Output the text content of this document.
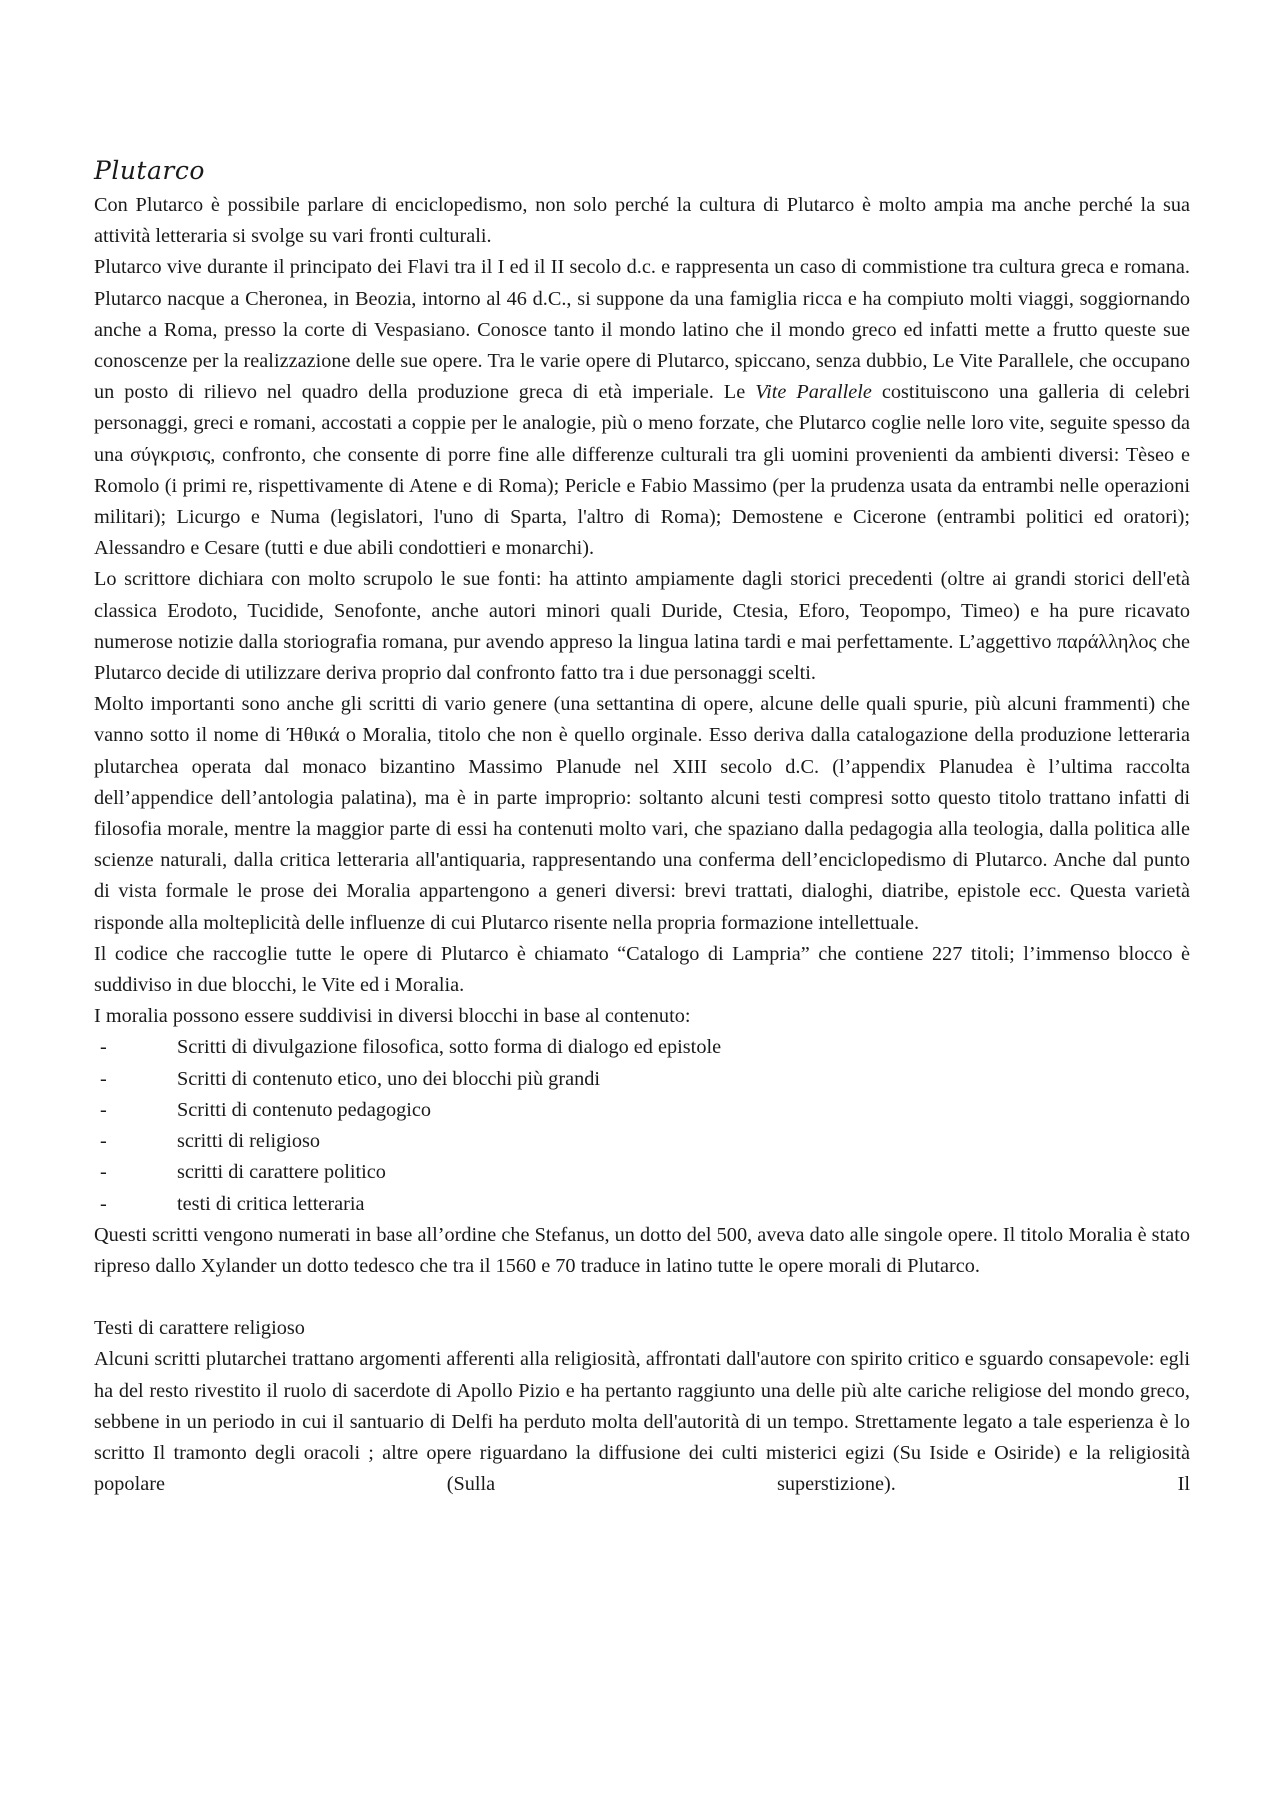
Plutarco

Con Plutarco è possibile parlare di enciclopedismo, non solo perché la cultura di Plutarco è molto ampia ma anche perché la sua attività letteraria si svolge su vari fronti culturali.

Plutarco vive durante il principato dei Flavi tra il I ed il II secolo d.c. e rappresenta un caso di commistione tra cultura greca e romana. Plutarco nacque a Cheronea, in Beozia, intorno al 46 d.C., si suppone da una famiglia ricca e ha compiuto molti viaggi, soggiornando anche a Roma, presso la corte di Vespasiano. Conosce tanto il mondo latino che il mondo greco ed infatti mette a frutto queste sue conoscenze per la realizzazione delle sue opere. Tra le varie opere di Plutarco, spiccano, senza dubbio, Le Vite Parallele, che occupano un posto di rilievo nel quadro della produzione greca di età imperiale. Le Vite Parallele costituiscono una galleria di celebri personaggi, greci e romani, accostati a coppie per le analogie, più o meno forzate, che Plutarco coglie nelle loro vite, seguite spesso da una σύγκρισις, confronto, che consente di porre fine alle differenze culturali tra gli uomini provenienti da ambienti diversi: Tèseo e Romolo (i primi re, rispettivamente di Atene e di Roma); Pericle e Fabio Massimo (per la prudenza usata da entrambi nelle operazioni militari); Licurgo e Numa (legislatori, l'uno di Sparta, l'altro di Roma); Demostene e Cicerone (entrambi politici ed oratori); Alessandro e Cesare (tutti e due abili condottieri e monarchi).

Lo scrittore dichiara con molto scrupolo le sue fonti: ha attinto ampiamente dagli storici precedenti (oltre ai grandi storici dell'età classica Erodoto, Tucidide, Senofonte, anche autori minori quali Duride, Ctesia, Eforo, Teopompo, Timeo) e ha pure ricavato numerose notizie dalla storiografia romana, pur avendo appreso la lingua latina tardi e mai perfettamente. L’aggettivo παράλληλος che Plutarco decide di utilizzare deriva proprio dal confronto fatto tra i due personaggi scelti.

Molto importanti sono anche gli scritti di vario genere (una settantina di opere, alcune delle quali spurie, più alcuni frammenti) che vanno sotto il nome di Ήθικά o Moralia, titolo che non è quello orginale. Esso deriva dalla catalogazione della produzione letteraria plutarchea operata dal monaco bizantino Massimo Planude nel XIII secolo d.C. (l’appendix Planudea è l’ultima raccolta dell’appendice dell’antologia palatina), ma è in parte improprio: soltanto alcuni testi compresi sotto questo titolo trattano infatti di filosofia morale, mentre la maggior parte di essi ha contenuti molto vari, che spaziano dalla pedagogia alla teologia, dalla politica alle scienze naturali, dalla critica letteraria all'antiquaria, rappresentando una conferma dell’enciclopedismo di Plutarco. Anche dal punto di vista formale le prose dei Moralia appartengono a generi diversi: brevi trattati, dialoghi, diatribe, epistole ecc. Questa varietà risponde alla molteplicità delle influenze di cui Plutarco risente nella propria formazione intellettuale.

Il codice che raccoglie tutte le opere di Plutarco è chiamato “Catalogo di Lampria” che contiene 227 titoli; l’immenso blocco è suddiviso in due blocchi, le Vite ed i Moralia.

I moralia possono essere suddivisi in diversi blocchi in base al contenuto:

-	Scritti di divulgazione filosofica, sotto forma di dialogo ed epistole
-	Scritti di contenuto etico, uno dei blocchi più grandi
-	Scritti di contenuto pedagogico
-	scritti di religioso
-	scritti di carattere politico
-	testi di critica letteraria

Questi scritti vengono numerati in base all’ordine che Stefanus, un dotto del 500, aveva dato alle singole opere. Il titolo Moralia è stato ripreso dallo Xylander un dotto tedesco che tra il 1560 e 70 traduce in latino tutte le opere morali di Plutarco.

Testi di carattere religioso

Alcuni scritti plutarchei trattano argomenti afferenti alla religiosità, affrontati dall'autore con spirito critico e sguardo consapevole: egli ha del resto rivestito il ruolo di sacerdote di Apollo Pizio e ha pertanto raggiunto una delle più alte cariche religiose del mondo greco, sebbene in un periodo in cui il santuario di Delfi ha perduto molta dell'autorità di un tempo. Strettamente legato a tale esperienza è lo scritto Il tramonto degli oracoli ; altre opere riguardano la diffusione dei culti misterici egizi (Su Iside e Osiride) e la religiosità popolare (Sulla superstizione). Il
